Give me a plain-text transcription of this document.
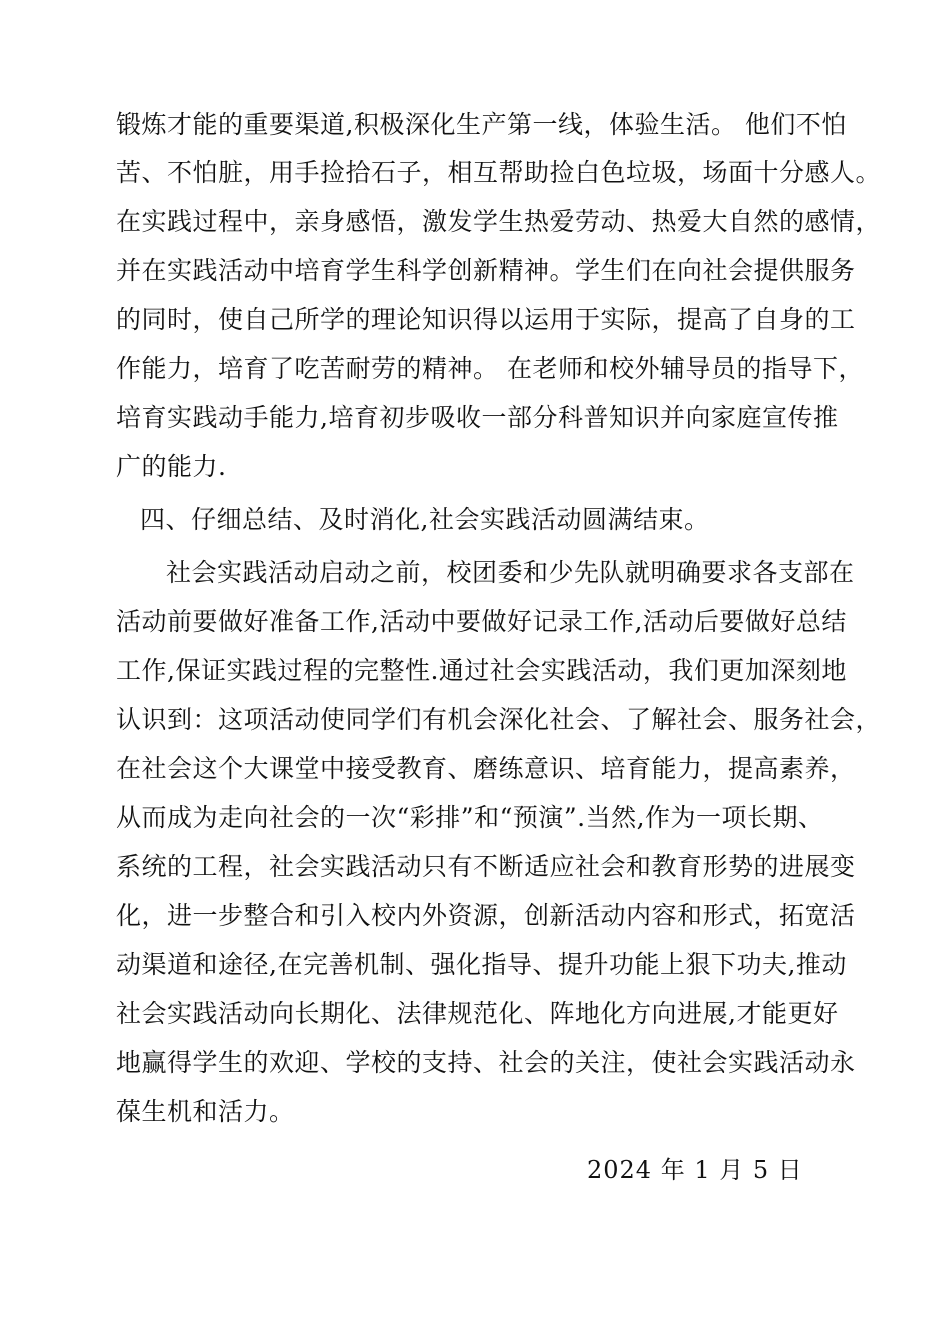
锻炼才能的重要渠道,积极深化生产第一线，体验生活。 他们不怕
苦、不怕脏，用手捡拾石子，相互帮助捡白色垃圾，场面十分感人。
在实践过程中，亲身感悟，激发学生热爱劳动、热爱大自然的感情，
并在实践活动中培育学生科学创新精神。学生们在向社会提供服务
的同时，使自己所学的理论知识得以运用于实际，提高了自身的工
作能力，培育了吃苦耐劳的精神。 在老师和校外辅导员的指导下，
培育实践动手能力,培育初步吸收一部分科普知识并向家庭宣传推
广的能力.
四、仔细总结、及时消化,社会实践活动圆满结束。
社会实践活动启动之前，校团委和少先队就明确要求各支部在
活动前要做好准备工作,活动中要做好记录工作,活动后要做好总结
工作,保证实践过程的完整性.通过社会实践活动，我们更加深刻地
认识到：这项活动使同学们有机会深化社会、了解社会、服务社会，
在社会这个大课堂中接受教育、磨练意识、培育能力，提高素养，
从而成为走向社会的一次“彩排”和“预演”.当然,作为一项长期、
系统的工程，社会实践活动只有不断适应社会和教育形势的进展变
化，进一步整合和引入校内外资源，创新活动内容和形式，拓宽活
动渠道和途径,在完善机制、强化指导、提升功能上狠下功夫,推动
社会实践活动向长期化、法律规范化、阵地化方向进展,才能更好
地赢得学生的欢迎、学校的支持、社会的关注，使社会实践活动永
葆生机和活力。
2024 年 1 月 5 日
